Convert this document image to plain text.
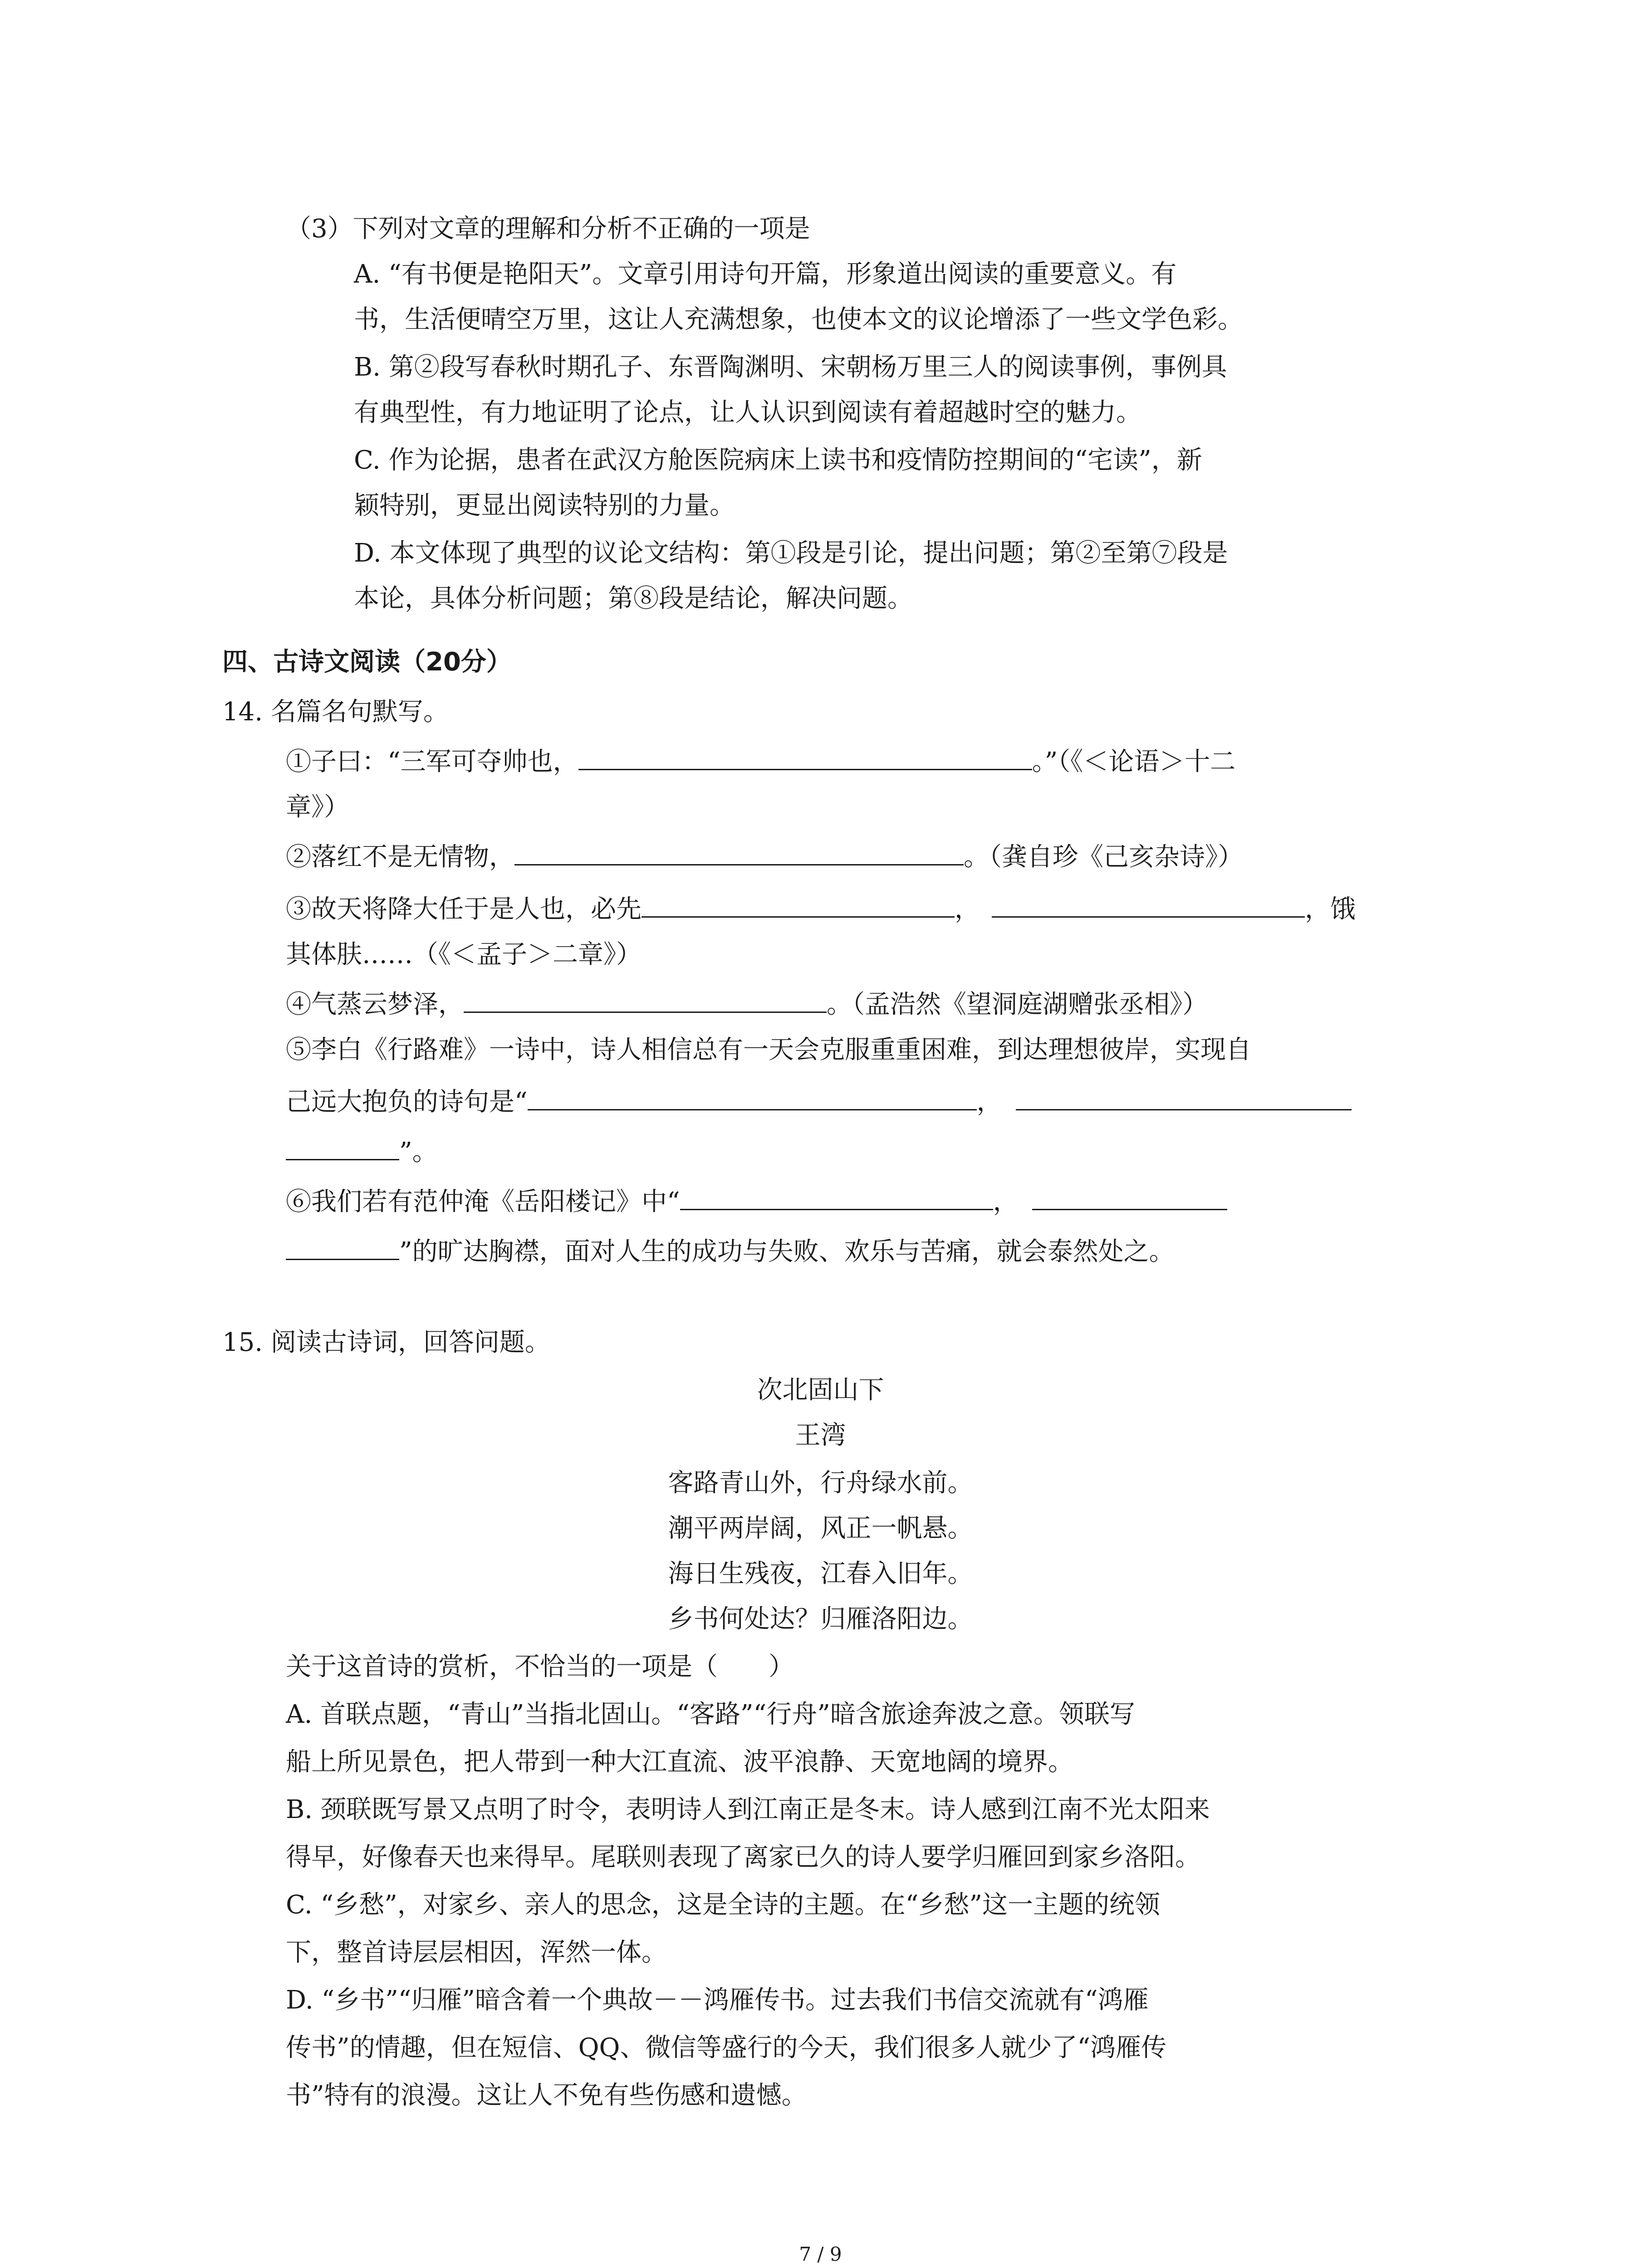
（3）下列对文章的理解和分析不正确的一项是
A. “有书便是艳阳天”。文章引用诗句开篇，形象道出阅读的重要意义。有
书，生活便晴空万里，这让人充满想象，也使本文的议论增添了一些文学色彩。
B. 第②段写春秋时期孔子、东晋陶渊明、宋朝杨万里三人的阅读事例，事例具
有典型性，有力地证明了论点，让人认识到阅读有着超越时空的魅力。
C. 作为论据，患者在武汉方舱医院病床上读书和疫情防控期间的“宅读”，新
颖特别，更显出阅读特别的力量。
D. 本文体现了典型的议论文结构：第①段是引论，提出问题；第②至第⑦段是
本论，具体分析问题；第⑧段是结论，解决问题。
四、古诗文阅读（20分）
14. 名篇名句默写。
①子曰：“三军可夺帅也，	。”（《＜论语＞十二
章》）
②落红不是无情物，	。（龚自珍《己亥杂诗》）
③故天将降大任于是人也，必先	，	，饿
其体肤……（《＜孟子＞二章》）
④气蒸云梦泽，	。（孟浩然《望洞庭湖赠张丞相》）
⑤李白《行路难》一诗中，诗人相信总有一天会克服重重困难，到达理想彼岸，实现自
己远大抱负的诗句是“	，
”。
⑥我们若有范仲淹《岳阳楼记》中“	，
”的旷达胸襟，面对人生的成功与失败、欢乐与苦痛，就会泰然处之。
15. 阅读古诗词，回答问题。
次北固山下
王湾
客路青山外，行舟绿水前。
潮平两岸阔，风正一帆悬。
海日生残夜，江春入旧年。
乡书何处达？归雁洛阳边。
关于这首诗的赏析，不恰当的一项是（　　）
A. 首联点题，“青山”当指北固山。“客路”“行舟”暗含旅途奔波之意。领联写
船上所见景色，把人带到一种大江直流、波平浪静、天宽地阔的境界。
B. 颈联既写景又点明了时令，表明诗人到江南正是冬末。诗人感到江南不光太阳来
得早，好像春天也来得早。尾联则表现了离家已久的诗人要学归雁回到家乡洛阳。
C. “乡愁”，对家乡、亲人的思念，这是全诗的主题。在“乡愁”这一主题的统领
下，整首诗层层相因，浑然一体。
D. “乡书”“归雁”暗含着一个典故－－鸿雁传书。过去我们书信交流就有“鸿雁
传书”的情趣，但在短信、QQ、微信等盛行的今天，我们很多人就少了“鸿雁传
书”特有的浪漫。这让人不免有些伤感和遗憾。
7 / 9
